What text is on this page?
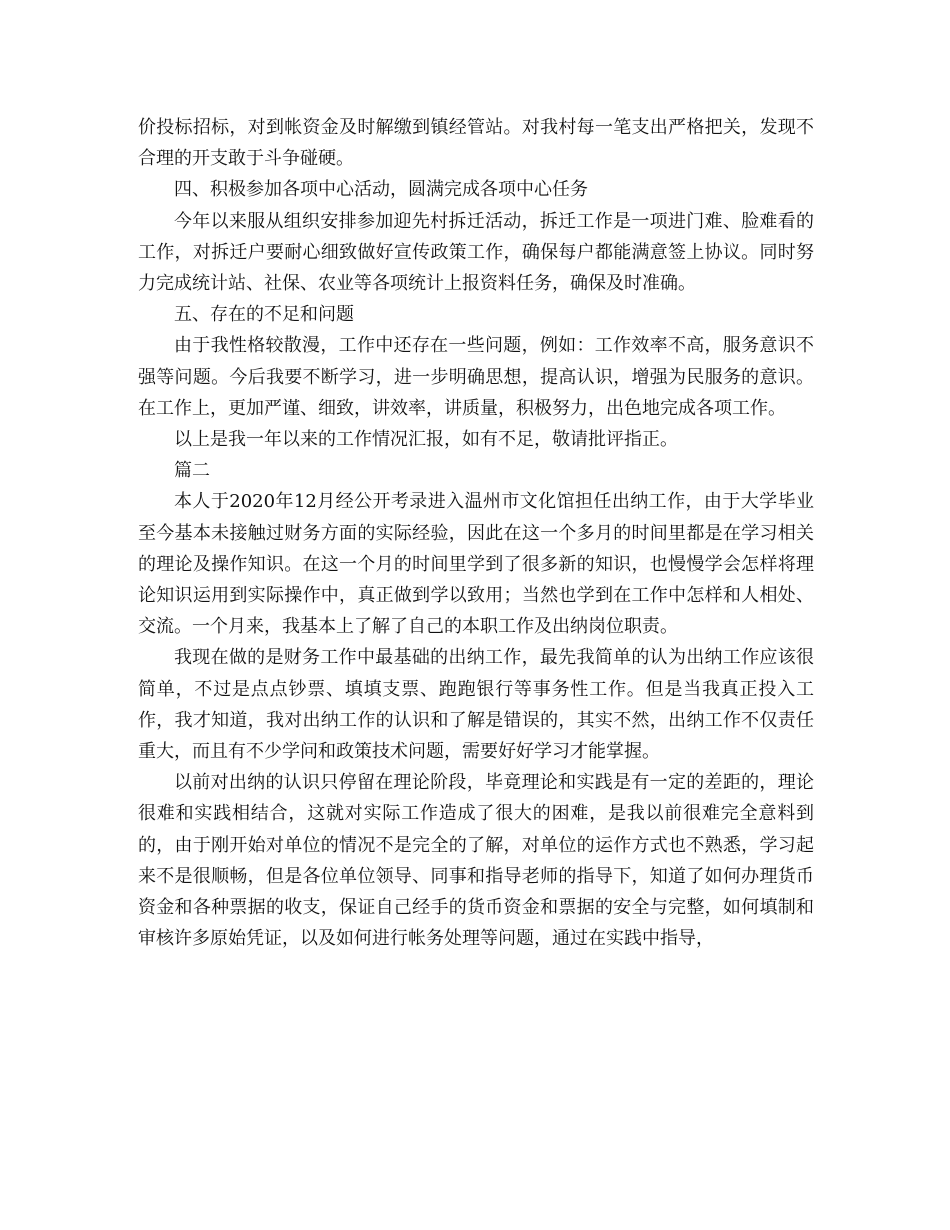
价投标招标，对到帐资金及时解缴到镇经管站。对我村每一笔支出严格把关，发现不合理的开支敢于斗争碰硬。

四、积极参加各项中心活动，圆满完成各项中心任务

今年以来服从组织安排参加迎先村拆迁活动，拆迁工作是一项进门难、脸难看的工作，对拆迁户要耐心细致做好宣传政策工作，确保每户都能满意签上协议。同时努力完成统计站、社保、农业等各项统计上报资料任务，确保及时准确。

五、存在的不足和问题

由于我性格较散漫，工作中还存在一些问题，例如：工作效率不高，服务意识不强等问题。今后我要不断学习，进一步明确思想，提高认识，增强为民服务的意识。在工作上，更加严谨、细致，讲效率，讲质量，积极努力，出色地完成各项工作。

以上是我一年以来的工作情况汇报，如有不足，敬请批评指正。

篇二

本人于2020年12月经公开考录进入温州市文化馆担任出纳工作，由于大学毕业至今基本未接触过财务方面的实际经验，因此在这一个多月的时间里都是在学习相关的理论及操作知识。在这一个月的时间里学到了很多新的知识，也慢慢学会怎样将理论知识运用到实际操作中，真正做到学以致用；当然也学到在工作中怎样和人相处、交流。一个月来，我基本上了解了自己的本职工作及出纳岗位职责。

我现在做的是财务工作中最基础的出纳工作，最先我简单的认为出纳工作应该很简单，不过是点点钞票、填填支票、跑跑银行等事务性工作。但是当我真正投入工作，我才知道，我对出纳工作的认识和了解是错误的，其实不然，出纳工作不仅责任重大，而且有不少学问和政策技术问题，需要好好学习才能掌握。

以前对出纳的认识只停留在理论阶段，毕竟理论和实践是有一定的差距的，理论很难和实践相结合，这就对实际工作造成了很大的困难，是我以前很难完全意料到的，由于刚开始对单位的情况不是完全的了解，对单位的运作方式也不熟悉，学习起来不是很顺畅，但是各位单位领导、同事和指导老师的指导下，知道了如何办理货币资金和各种票据的收支，保证自己经手的货币资金和票据的安全与完整，如何填制和审核许多原始凭证，以及如何进行帐务处理等问题，通过在实践中指导，
